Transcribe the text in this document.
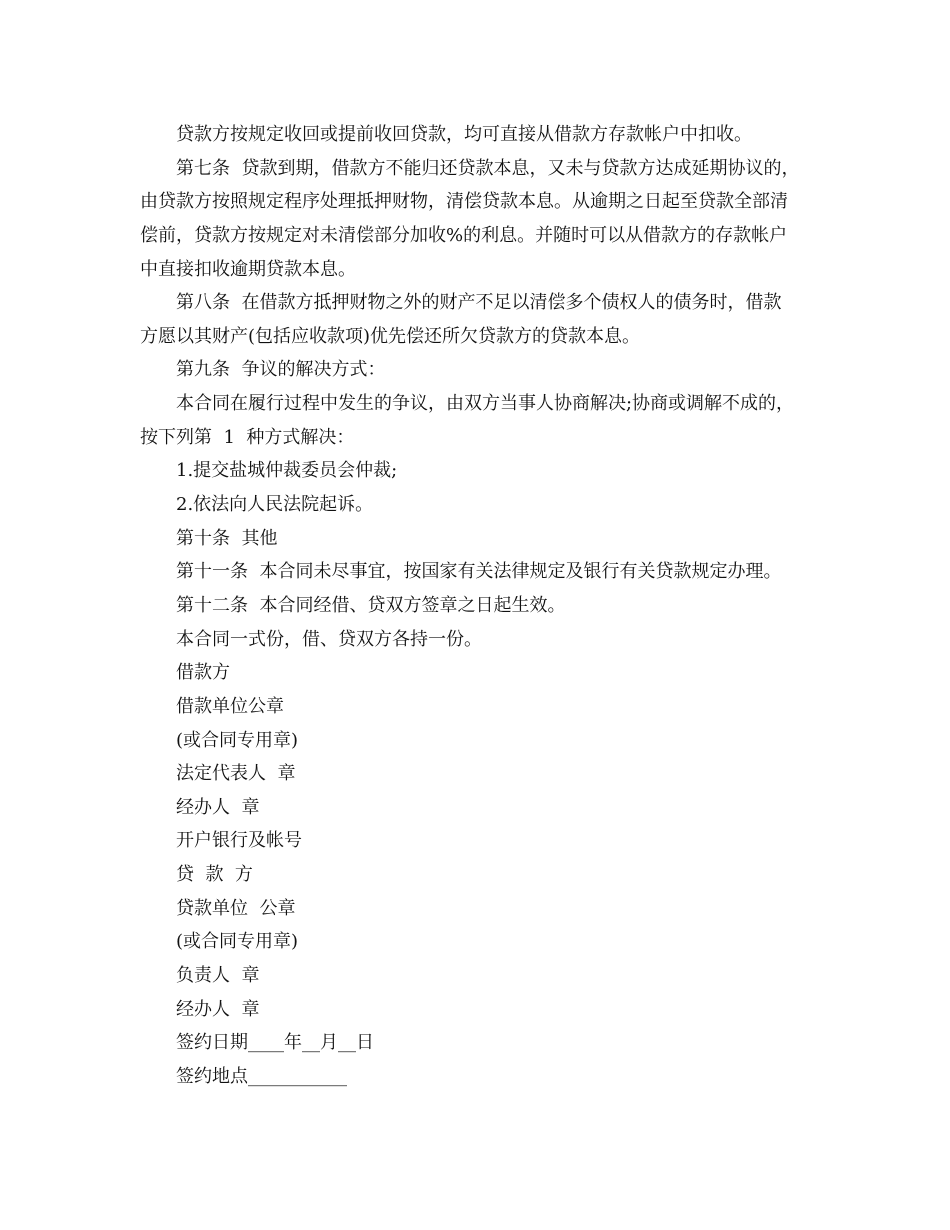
贷款方按规定收回或提前收回贷款，均可直接从借款方存款帐户中扣收。
第七条  贷款到期，借款方不能归还贷款本息，又未与贷款方达成延期协议的，
由贷款方按照规定程序处理抵押财物，清偿贷款本息。从逾期之日起至贷款全部清
偿前，贷款方按规定对未清偿部分加收%的利息。并随时可以从借款方的存款帐户
中直接扣收逾期贷款本息。
第八条  在借款方抵押财物之外的财产不足以清偿多个债权人的债务时，借款
方愿以其财产(包括应收款项)优先偿还所欠贷款方的贷款本息。
第九条  争议的解决方式：
本合同在履行过程中发生的争议，由双方当事人协商解决;协商或调解不成的，
按下列第  1  种方式解决：
1.提交盐城仲裁委员会仲裁;
2.依法向人民法院起诉。
第十条  其他
第十一条  本合同未尽事宜，按国家有关法律规定及银行有关贷款规定办理。
第十二条  本合同经借、贷双方签章之日起生效。
本合同一式份，借、贷双方各持一份。
借款方
借款单位公章
(或合同专用章)
法定代表人  章
经办人  章
开户银行及帐号
贷  款  方
贷款单位  公章
(或合同专用章)
负责人  章
经办人  章
签约日期____年__月__日
签约地点___________
